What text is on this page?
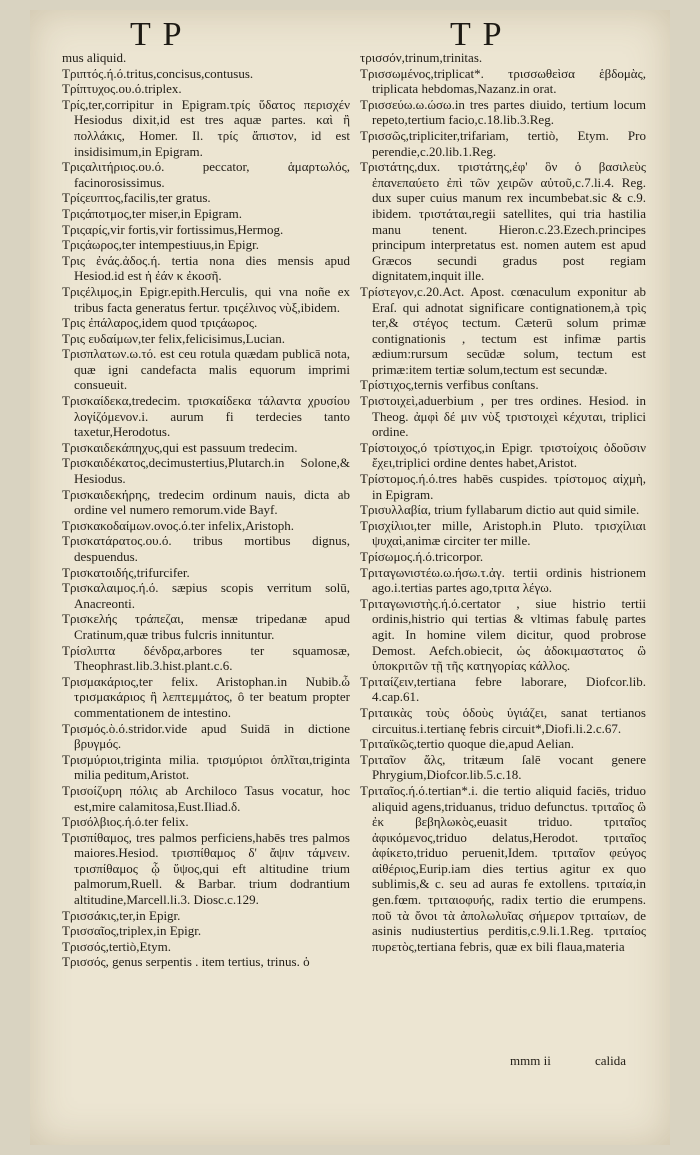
T P	T P

mus aliquid.

Τριπτός.ή.ό.tritus,concisus,contusus.

Τρίπτυχος.ου.ό.triplex.

Τρίς,ter,corripitur in Epigram.τρίς ὕδατος περισχέν Hesiodus dixit,id est tres aquæ partes. καὶ ἢ πολλάκις, Homer. Il. τρίς ἄπιστον, id est insidisimum,in Epigram.

Τριςαλιτήριος.ου.ό. peccator, ἁμαρτωλός, facinorosissimus.

Τρίςευπτος,facilis,ter gratus.

Τριςάποτμος,ter miser,in Epigram.

Τριςαρίς,vir fortis,vir fortissimus,Hermog.

Τριςάωρος,ter intempestiuus,in Epigr.

Τρις ἐνάς.ἀδος.ή. tertia nona dies mensis apud Hesiod.id est ἡ ἐάν κ ἐκοσῆ.

Τριςέλιμος,in Epigr.epith.Herculis, qui vna noñe ex tribus facta generatus fertur. τριςέλινος νὺξ,ibidem.

Τρις ἐπάλαρος,idem quod τριςάωρος.

Τρις ευδαίμων,ter felix,felicisimus,Lucian.

Τρισπλατων.ω.τό. est ceu rotula quædam publicā nota, quæ igni candefacta malis equorum imprimi consueuit.

Τρισκαίδεκα,tredecim. τρισκαίδεκα τάλαντα χρυσίου λογίζόμενον.i. aurum fi terdecies tanto taxetur,Herodotus.

Τρισκαιδεκάπηχυς,qui est passuum tredecim.

Τρισκαιδέκατος,decimustertius,Plutarch.in Solone,& Hesiodus.

Τρισκαιδεκήρης, tredecim ordinum nauis, dicta ab ordine vel numero remorum.vide Bayf.

Τρισκακοδαίμων.ονος.ό.ter infelix,Aristoph.

Τρισκατάρατος.ου.ό. tribus mortibus dignus, despuendus.

Τρισκατοιδής,trifurcifer.

Τρισκαλαιμος.ή.ό. sæpius scopis verritum solū, Anacreonti.

Τρισκελής τράπεζαι, mensæ tripedanæ apud Cratinum,quæ tribus fulcris innituntur.

Τρίσλιπτα δένδρα,arbores ter squamosæ, Theophrast.lib.3.hist.plant.c.6.

Τρισμακάριος,ter felix. Aristophan.in Nubib.ὦ τρισμακάριος ἢ λεπτεμμάτος, ô ter beatum propter commentationem de intestino.

Τρισμός.ὸ.ό.stridor.vide apud Suidā in dictione βρυγμός.

Τρισμύριοι,triginta milia. τρισμύριοι ὁπλῖται,triginta milia peditum,Aristot.

Τρισοίζυρη πόλις ab Archiloco Tasus vocatur, hoc est,mire calamitosa,Eust.Iliad.δ.

Τρισόλβιος.ή.ό.ter felix.

Τρισπίθαμος, tres palmos perficiens,habēs tres palmos maiores.Hesiod. τρισπίθαμος δ' ἄψιν τάμνειν. τρισπίθαμος ᾧ ὕψος,qui eft altitudine trium palmorum,Ruell. & Barbar. trium dodrantium altitudine,Marcell.li.3. Diosc.c.129.

Τρισσάκις,ter,in Epigr.

Τρισσαῖος,triplex,in Epigr.

Τρισσός,tertiò,Etym.

Τρισσός, genus serpentis . item tertius, trinus. ὁ

τρισσόν,trinum,trinitas.

Τρισσωμένος,triplicat*. τρισσωθεὶσα ἑβδομὰς, triplicata hebdomas,Nazanz.in orat.

Τρισσεύω.ω.ώσω.in tres partes diuido, tertium locum repeto,tertium facio,c.18.lib.3.Reg.

Τρισσῶς,tripliciter,trifariam, tertiò, Etym. Pro perendie,c.20.lib.1.Reg.

Τριστάτης,dux. τριστάτης,ἐφ' ὃν ὁ βασιλεὺς ἐπανεπαύετο ἐπὶ τῶν χειρῶν αὐτοῦ,c.7.li.4. Reg. dux super cuius manum rex incumbebat.sic & c.9. ibidem. τριστάται,regii satellites, qui tria hastilia manu tenent. Hieron.c.23.Ezech.principes principum interpretatus est. nomen autem est apud Græcos secundi gradus post regiam dignitatem,inquit ille.

Τρίστεγον,c.20.Act. Apost. cœnaculum exponitur ab Eraſ. qui adnotat significare contignationem,à τρὶς ter,& στέγος tectum. Cæterū solum primæ contignationis , tectum est infimæ partis ædium:rursum secūdæ solum, tectum est primæ:item tertiæ solum,tectum est secundæ.

Τρίστιχος,ternis verfibus conſtans.

Τριστοιχεὶ,aduerbium , per tres ordines. Hesiod. in Theog. ἀμφὶ δέ μιν νὺξ τριστοιχεὶ κέχυται, triplici ordine.

Τρίστοιχος,ό τρίστιχος,in Epigr. τριστοίχοις ὀδοῦσιν ἔχει,triplici ordine dentes habet,Aristot.

Τρίστομος.ή.ό.tres habēs cuspides. τρίστομος αἰχμὴ, in Epigram.

Τρισυλλαβία, trium fyllabarum dictio aut quid simile.

Τρισχίλιοι,ter mille, Aristoph.in Pluto. τρισχίλιαι ψυχαὶ,animæ circiter ter mille.

Τρίσωμος.ή.ό.tricorpor.

Τριταγωνιστέω.ω.ήσω.τ.ἀγ. tertii ordinis histrionem ago.i.tertias partes ago,τριτα λέγω.

Τριταγωνιστὴς.ή.ό.certator , siue histrio tertii ordinis,histrio qui tertias & vltimas fabulę partes agit. In homine vilem dicitur, quod probrose Demost. Aefch.obiecit, ὡς ἀδοκιμαστατος ὢ ὑποκριτῶν τῇ τῆς κατηγορίας κάλλος.

Τριταίζειν,tertiana febre laborare, Diofcor.lib. 4.cap.61.

Τριταικὰς τοὺς ὁδοὺς ὑγιάζει, sanat tertianos circuitus.i.tertianę febris circuit*,Diofi.li.2.c.67.

Τριταϊκῶς,tertio quoque die,apud Aelian.

Τριταῖον ἅλς, tritæum ſalē vocant genere Phrygium,Diofcor.lib.5.c.18.

Τριταῖος.ή.ό.tertian*.i. die tertio aliquid faciēs, triduo aliquid agens,triduanus, triduo defunctus. τριταῖος ὢ ἐκ βεβηλωκὸς,euasit triduo. τριταῖος ἀφικόμενος,triduo delatus,Herodot. τριταῖος ἀφίκετο,triduo peruenit,Idem. τριταῖον φεύγος αἰθέριος,Eurip.iam dies tertius agitur ex quo sublimis,& c. seu ad auras fe extollens. τριταία,in gen.fœm. τριταιοφυής, radix tertio die erumpens. ποῦ τὰ ὄνοι τὰ ἀπολωλυῖας σήμερον τριταίων, de asinis nudiustertius perditis,c.9.li.1.Reg. τριταίος πυρετὸς,tertiana febris, quæ ex bili flaua,materia

mmm ii	calida
